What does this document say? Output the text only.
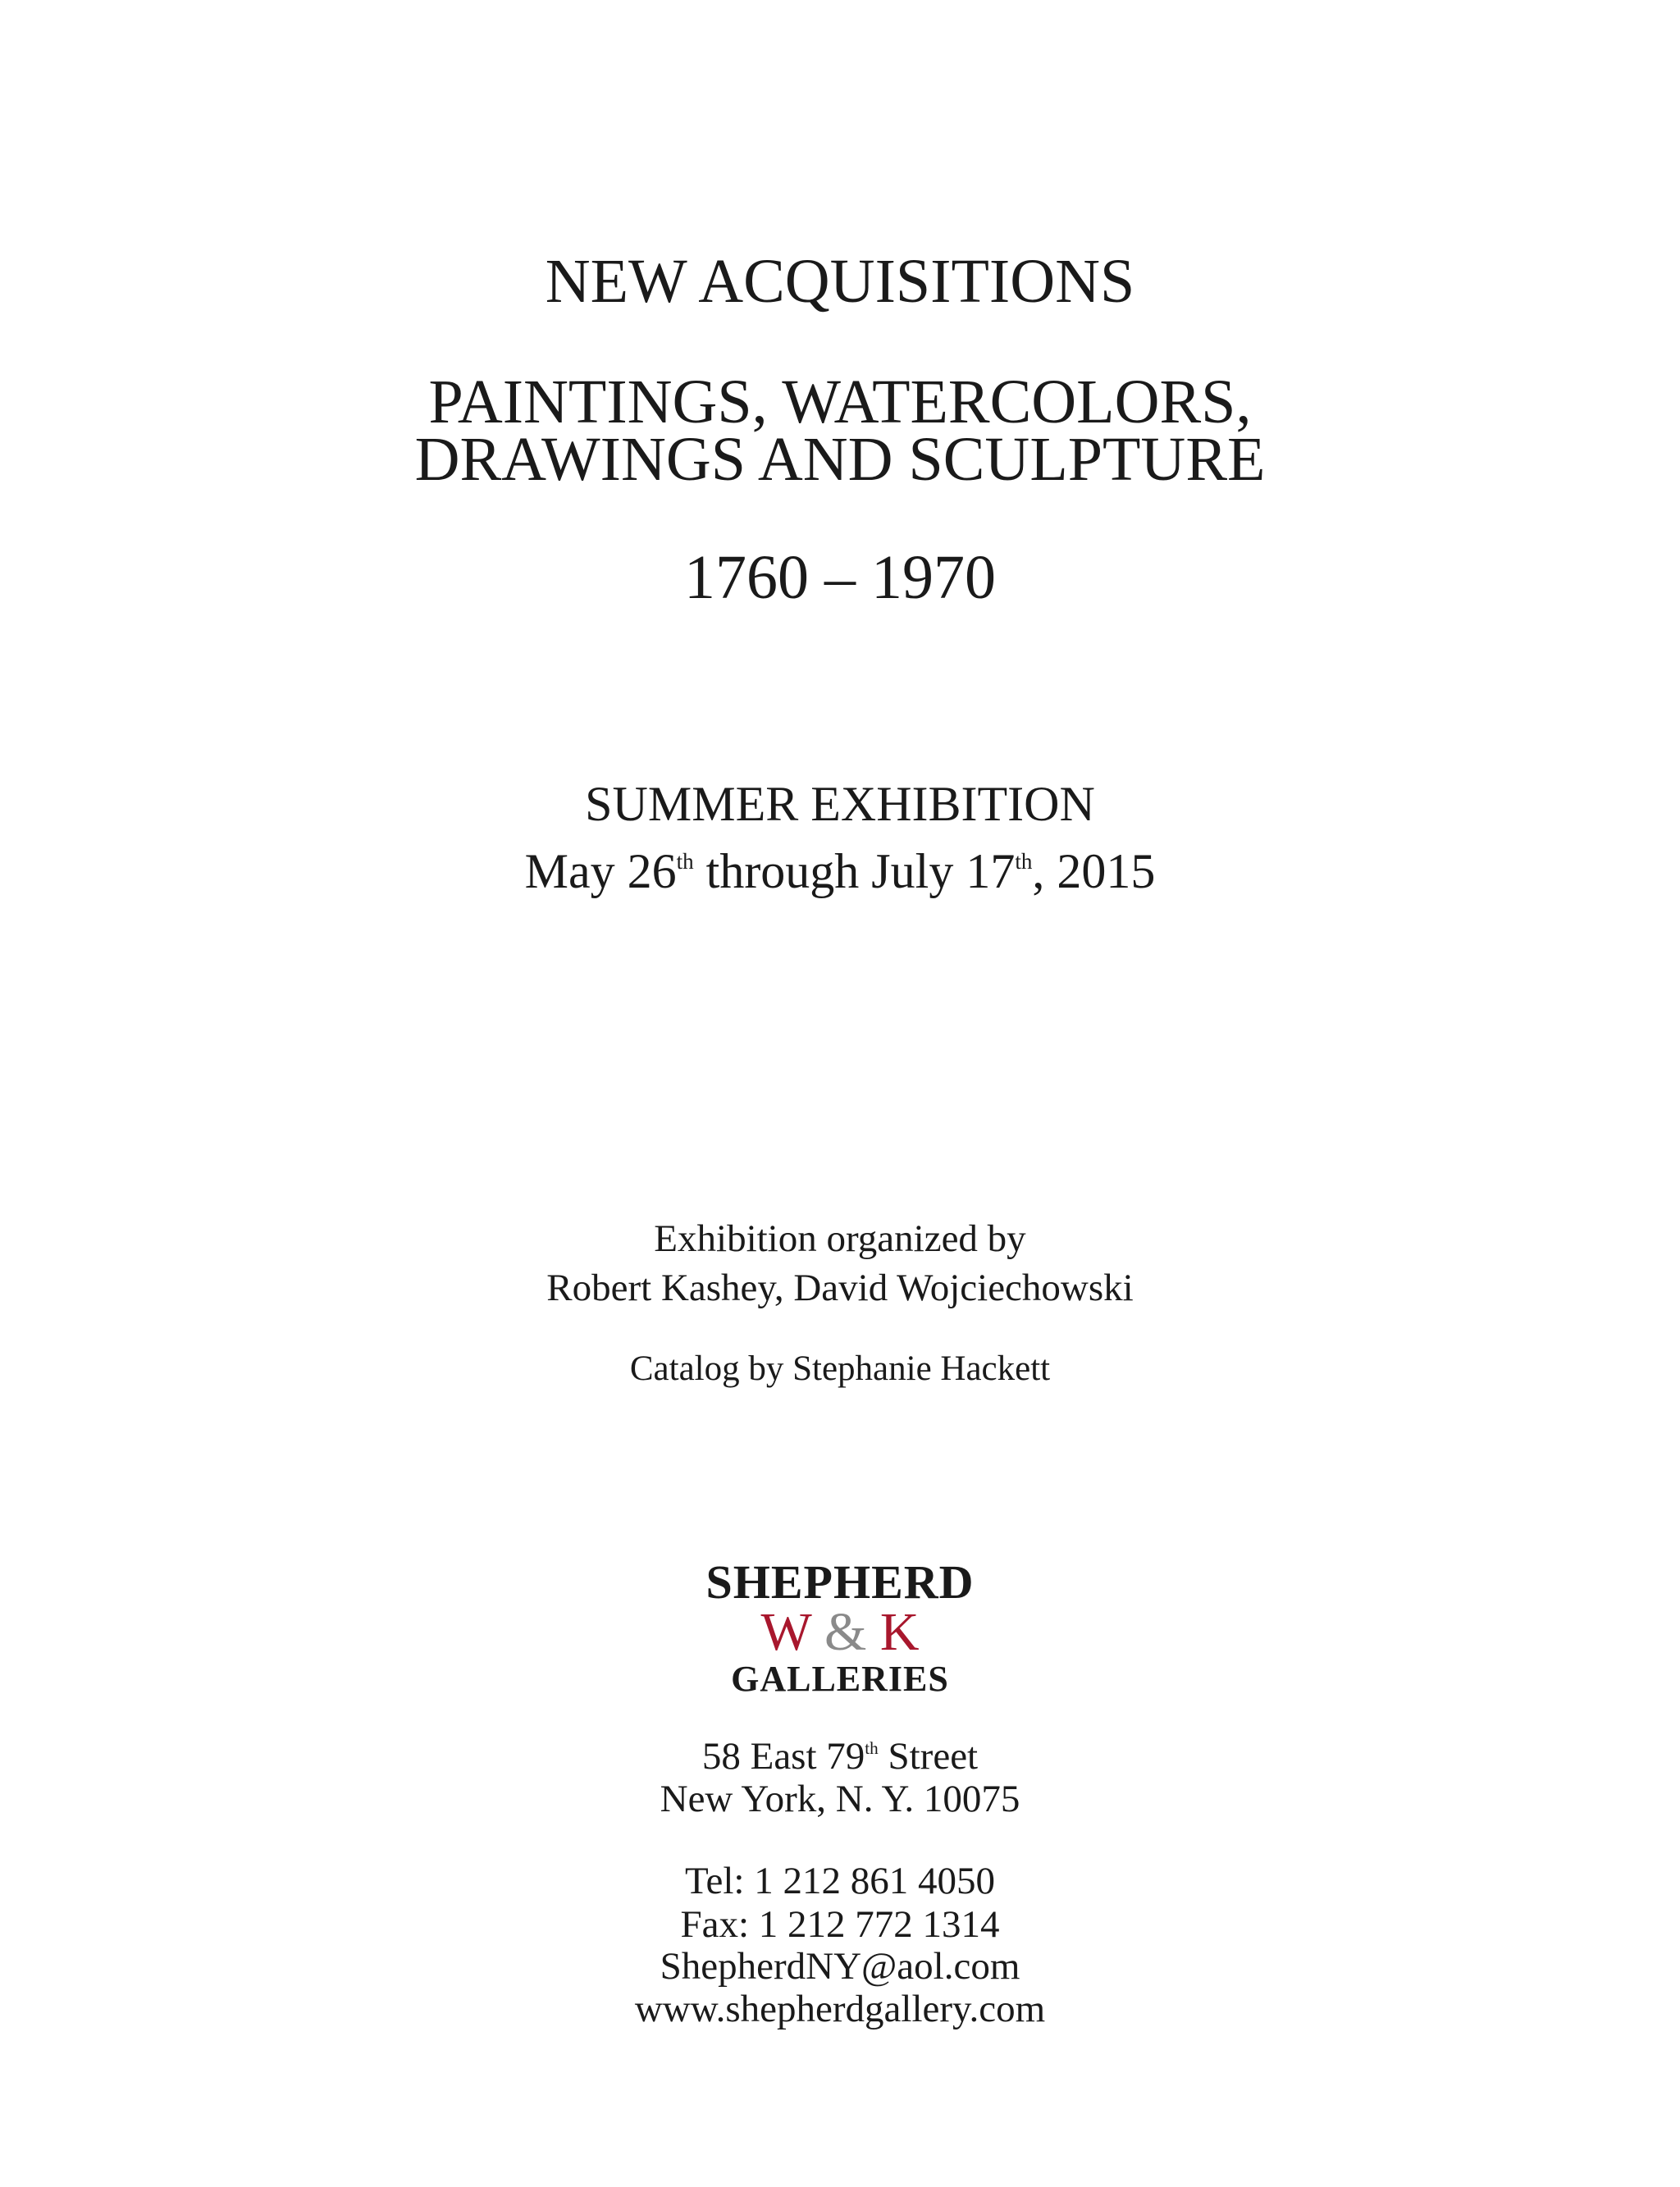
NEW ACQUISITIONS
PAINTINGS, WATERCOLORS,
DRAWINGS AND SCULPTURE
1760 – 1970
SUMMER EXHIBITION
May 26th through July 17th, 2015
Exhibition organized by
Robert Kashey, David Wojciechowski
Catalog by Stephanie Hackett
SHEPHERD
W & K
GALLERIES
58 East 79th Street
New York, N. Y. 10075
Tel: 1 212 861 4050
Fax: 1 212 772 1314
ShepherdNY@aol.com
www.shepherdgallery.com
